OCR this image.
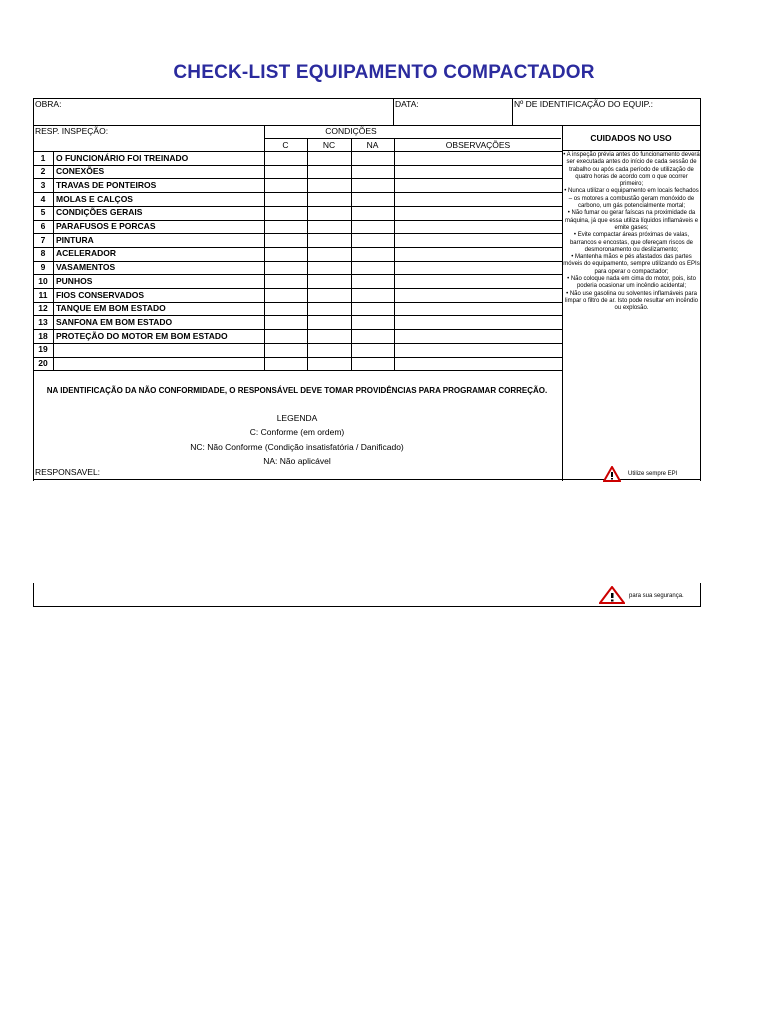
CHECK-LIST EQUIPAMENTO COMPACTADOR
OBRA:	DATA:	Nº DE IDENTIFICAÇÃO DO EQUIP.:
RESP. INSPEÇÃO:	CONDIÇÕES
C	NC	NA	OBSERVAÇÕES
CUIDADOS NO USO
1	O FUNCIONÁRIO FOI TREINADO
2	CONEXÕES
3	TRAVAS DE PONTEIROS
4	MOLAS E CALÇOS
5	CONDIÇÕES GERAIS
6	PARAFUSOS E PORCAS
7	PINTURA
8	ACELERADOR
9	VASAMENTOS
10 PUNHOS
11	FIOS CONSERVADOS
12 TANQUE EM BOM ESTADO
13 SANFONA EM BOM ESTADO
18 PROTEÇÃO DO MOTOR EM BOM ESTADO
19
20

• A inspeção prévia antes do funcionamento deverá ser executada antes do início de cada sessão de trabalho ou após cada período de utilização de quatro horas de acordo com o que ocorrer primeiro;

• Nunca utilizar o equipamento em locais fechados – os motores a combustão geram monóxido de carbono, um gás potencialmente mortal;

• Não fumar ou gerar faíscas na proximidade da máquina, já que essa utiliza líquidos inflamáveis e emite gases;

• Evite compactar áreas próximas de valas, barrancos e encostas, que ofereçam riscos de desmoronamento ou deslizamento;

• Mantenha mãos e pés afastados das partes móveis do equipamento, sempre utilizando os EPIs para operar o compactador;

• Não coloque nada em cima do motor, pois, isto poderia ocasionar um incêndio acidental;

• Não use gasolina ou solventes inflamáveis para limpar o filtro de ar. Isto pode resultar em incêndio ou explosão.

NA IDENTIFICAÇÃO DA NÃO CONFORMIDADE, O RESPONSÁVEL DEVE TOMAR PROVIDÊNCIAS PARA PROGRAMAR CORREÇÃO.
LEGENDA
C: Conforme (em ordem)
NC: Não Conforme (Condição insatisfatória / Danificado)
NA: Não aplicável
RESPONSAVEL:	Utilize sempre EPI
para sua segurança.
